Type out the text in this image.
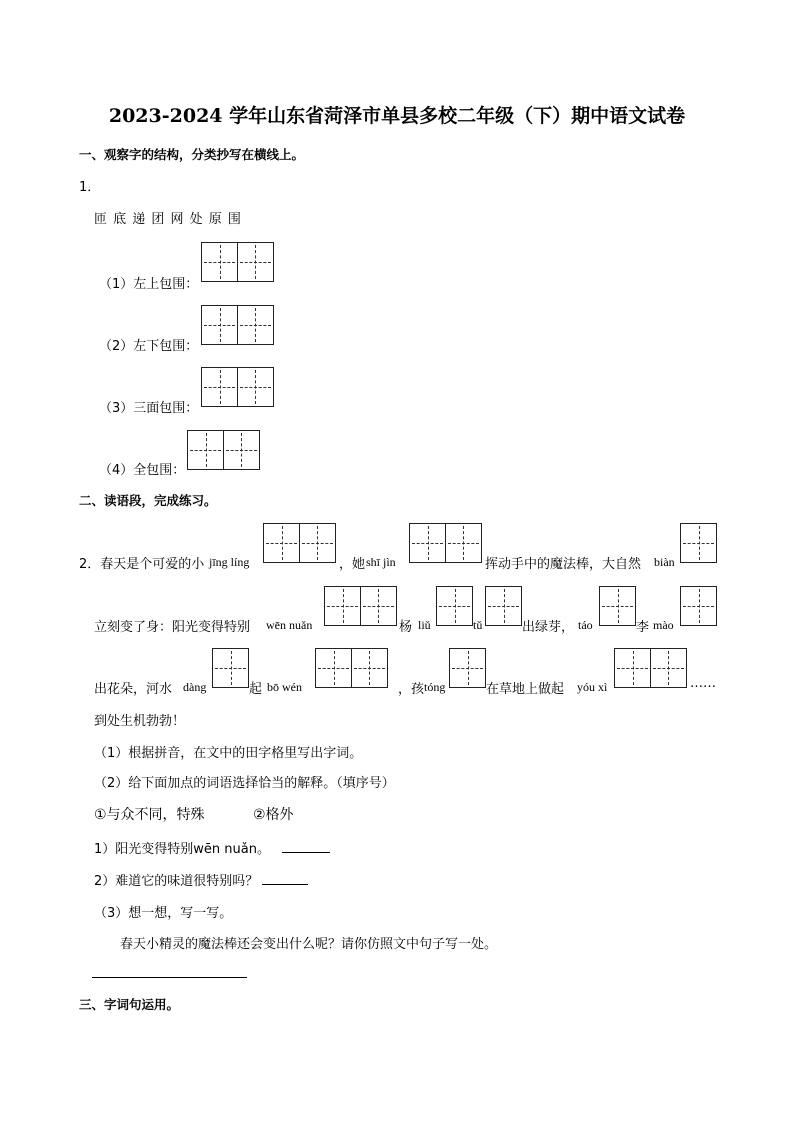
2023-2024 学年山东省菏泽市单县多校二年级（下）期中语文试卷
一、观察字的结构，分类抄写在横线上。
1．
匝 底 递 团 网 处 原 围
（1）左上包围：
（2）左下包围：
（3）三面包围：
（4）全包围：
二、读语段，完成练习。
2．春天是个可爱的小 jīng líng	，她 shī jìn	挥动手中的魔法棒，大自然 biàn
立刻变了身：阳光变得特别 wēn nuǎn	杨 liǔ	tǔ	出绿芽， táo	李 mào
出花朵，河水 dàng	起 bō wén	，孩 tóng	在草地上做起 yóu xì	……
到处生机勃勃！
（1）根据拼音，在文中的田字格里写出字词。
（2）给下面加点的词语选择恰当的解释。（填序号）
①与众不同，特殊	②格外
1）阳光变得特别wēn nuǎn。
2）难道它的味道很特别吗？
（3）想一想，写一写。
春天小精灵的魔法棒还会变出什么呢？请你仿照文中句子写一处。
三、字词句运用。
